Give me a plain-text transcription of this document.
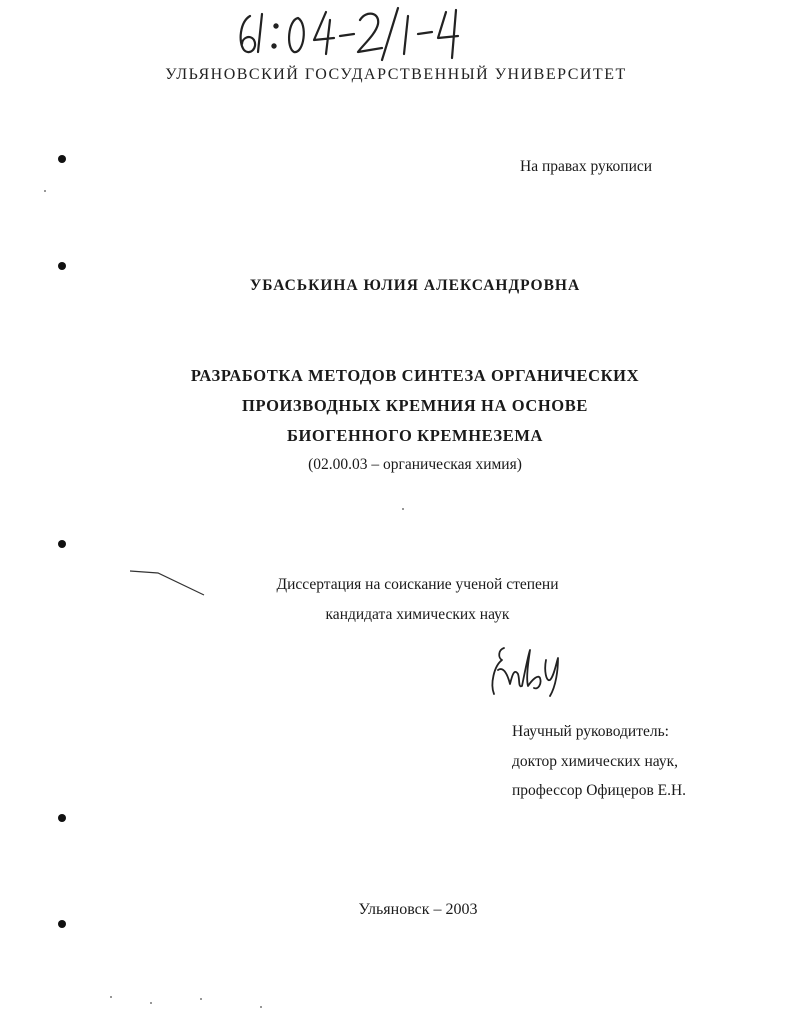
УЛЬЯНОВСКИЙ ГОСУДАРСТВЕННЫЙ УНИВЕРСИТЕТ
На правах рукописи
УБАСЬКИНА ЮЛИЯ АЛЕКСАНДРОВНА
РАЗРАБОТКА МЕТОДОВ СИНТЕЗА ОРГАНИЧЕСКИХ
ПРОИЗВОДНЫХ КРЕМНИЯ НА ОСНОВЕ
БИОГЕННОГО КРЕМНЕЗЕМА
(02.00.03 – органическая химия)
Диссертация на соискание ученой степени
кандидата химических наук
Научный руководитель:
доктор химических наук,
профессор Офицеров Е.Н.
Ульяновск – 2003
